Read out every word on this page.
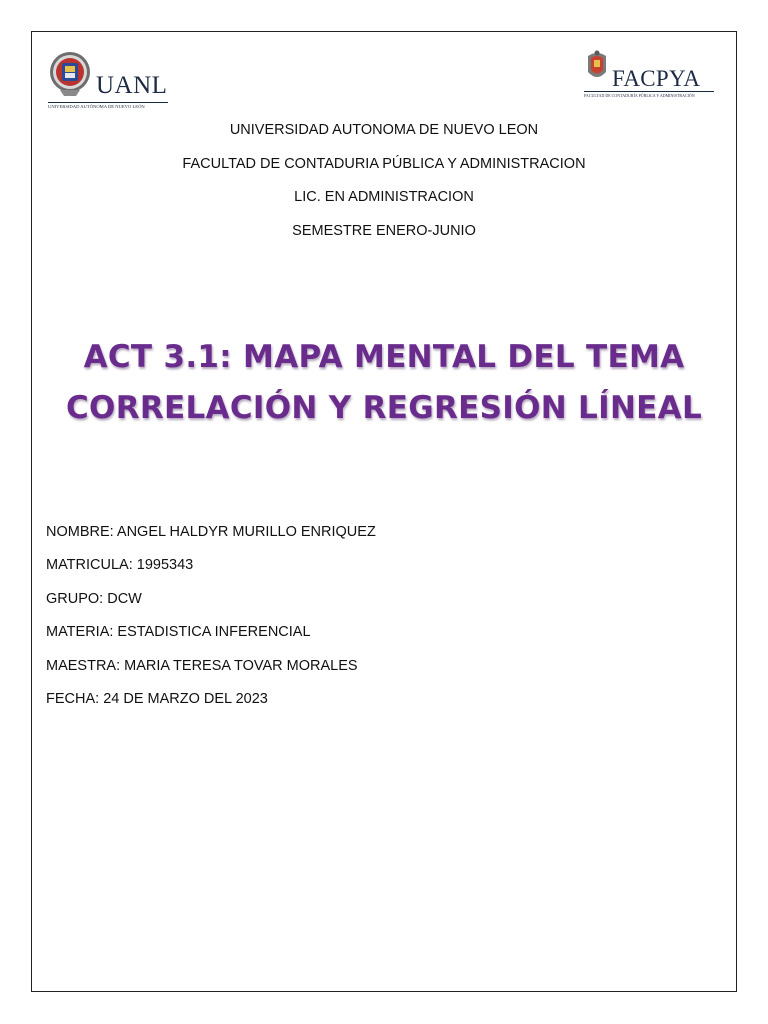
UANL
UNIVERSIDAD AUTÓNOMA DE NUEVO LEÓN
FACPYA
FACULTAD DE CONTADURÍA PÚBLICA Y ADMINISTRACIÓN
UNIVERSIDAD AUTONOMA DE NUEVO LEON
FACULTAD DE CONTADURIA PÚBLICA Y ADMINISTRACION
LIC. EN ADMINISTRACION
SEMESTRE ENERO-JUNIO
ACT 3.1: MAPA MENTAL DEL TEMA
CORRELACIÓN Y REGRESIÓN LÍNEAL
NOMBRE: ANGEL HALDYR MURILLO ENRIQUEZ
MATRICULA: 1995343
GRUPO: DCW
MATERIA: ESTADISTICA INFERENCIAL
MAESTRA: MARIA TERESA TOVAR MORALES
FECHA: 24 DE MARZO DEL 2023
